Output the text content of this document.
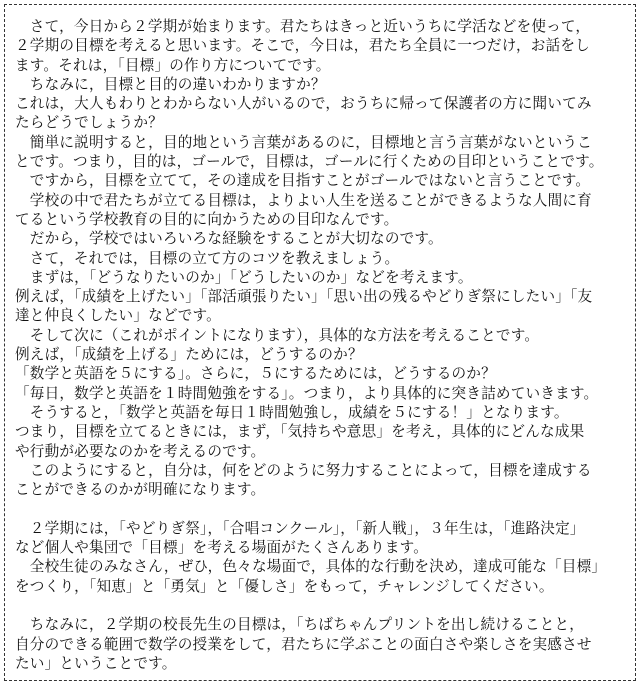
　さて，今日から２学期が始まります。君たちはきっと近いうちに学活などを使って，
２学期の目標を考えると思います。そこで，今日は，君たち全員に一つだけ，お話をし
ます。それは，「目標」の作り方についてです。
　ちなみに，目標と目的の違いわかりますか？
これは，大人もわりとわからない人がいるので，おうちに帰って保護者の方に聞いてみ
たらどうでしょうか？
　簡単に説明すると，目的地という言葉があるのに，目標地と言う言葉がないというこ
とです。つまり，目的は，ゴールで，目標は，ゴールに行くための目印ということです。
　ですから，目標を立てて，その達成を目指すことがゴールではないと言うことです。
　学校の中で君たちが立てる目標は，よりよい人生を送ることができるような人間に育
てるという学校教育の目的に向かうための目印なんです。
　だから，学校ではいろいろな経験をすることが大切なのです。
　さて，それでは，目標の立て方のコツを教えましょう。
　まずは，「どうなりたいのか」「どうしたいのか」などを考えます。
例えば，「成績を上げたい」「部活頑張りたい」「思い出の残るやどりぎ祭にしたい」「友
達と仲良くしたい」などです。
　そして次に（これがポイントになります），具体的な方法を考えることです。
例えば，「成績を上げる」ためには，どうするのか？
「数学と英語を５にする」。さらに，５にするためには，どうするのか？
「毎日，数学と英語を１時間勉強をする」。つまり，より具体的に突き詰めていきます。
　そうすると，「数学と英語を毎日１時間勉強し，成績を５にする！」となります。
つまり，目標を立てるときには，まず，「気持ちや意思」を考え，具体的にどんな成果
や行動が必要なのかを考えるのです。
　このようにすると，自分は，何をどのように努力することによって，目標を達成する
ことができるのかが明確になります。
　２学期には，「やどりぎ祭」，「合唱コンクール」，「新人戦」，３年生は，「進路決定」
など個人や集団で「目標」を考える場面がたくさんあります。
　全校生徒のみなさん，ぜひ，色々な場面で，具体的な行動を決め，達成可能な「目標」
をつくり，「知恵」と「勇気」と「優しさ」をもって，チャレンジしてください。
　ちなみに，２学期の校長先生の目標は，「ちばちゃんプリントを出し続けることと，
自分のできる範囲で数学の授業をして，君たちに学ぶことの面白さや楽しさを実感させ
たい」ということです。
